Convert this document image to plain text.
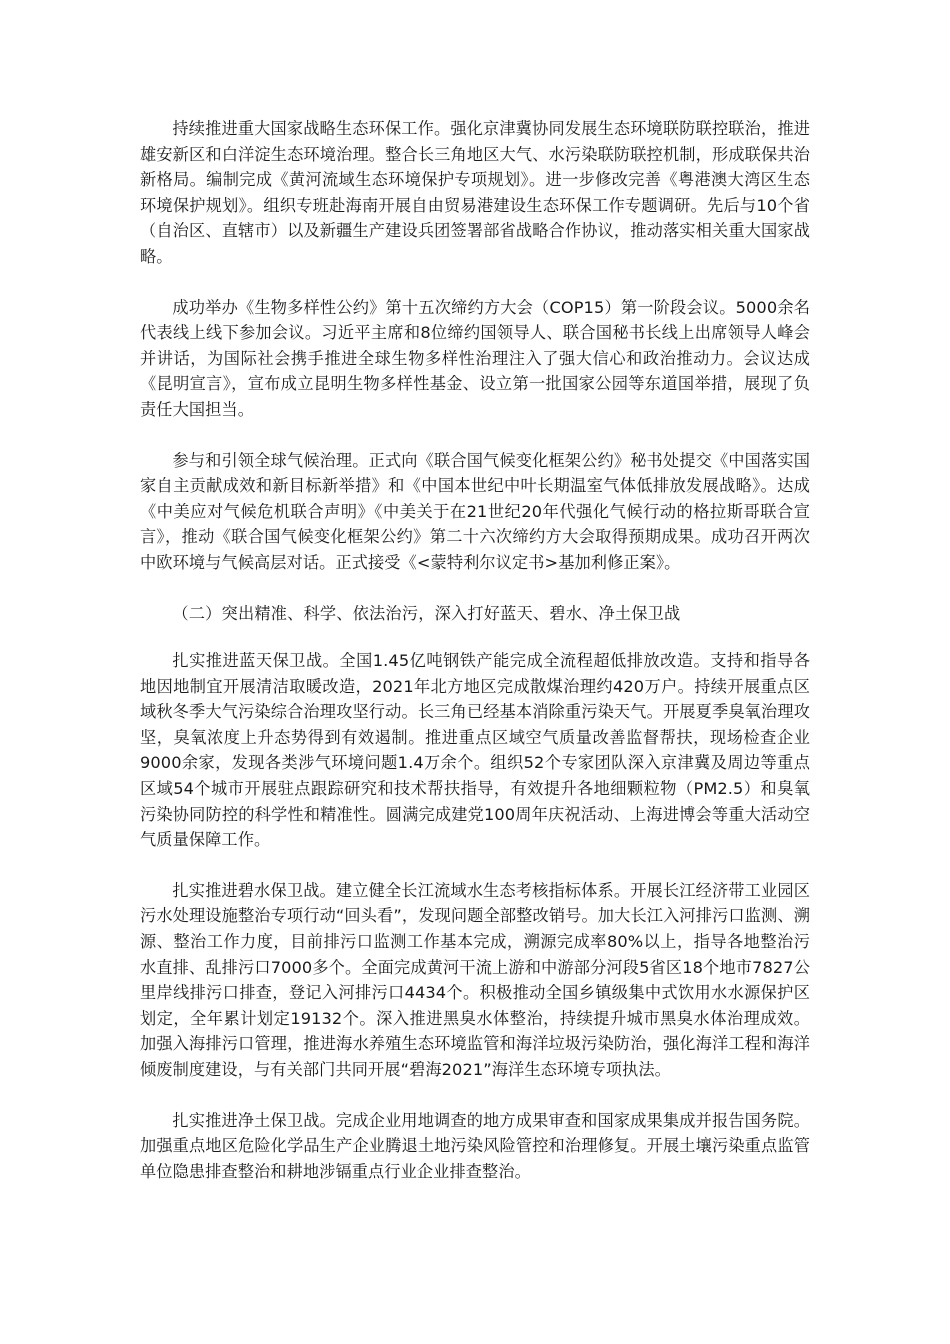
持续推进重大国家战略生态环保工作。强化京津冀协同发展生态环境联防联控联治，推进雄安新区和白洋淀生态环境治理。整合长三角地区大气、水污染联防联控机制，形成联保共治新格局。编制完成《黄河流域生态环境保护专项规划》。进一步修改完善《粤港澳大湾区生态环境保护规划》。组织专班赴海南开展自由贸易港建设生态环保工作专题调研。先后与10个省（自治区、直辖市）以及新疆生产建设兵团签署部省战略合作协议，推动落实相关重大国家战略。

成功举办《生物多样性公约》第十五次缔约方大会（COP15）第一阶段会议。5000余名代表线上线下参加会议。习近平主席和8位缔约国领导人、联合国秘书长线上出席领导人峰会并讲话，为国际社会携手推进全球生物多样性治理注入了强大信心和政治推动力。会议达成《昆明宣言》，宣布成立昆明生物多样性基金、设立第一批国家公园等东道国举措，展现了负责任大国担当。

参与和引领全球气候治理。正式向《联合国气候变化框架公约》秘书处提交《中国落实国家自主贡献成效和新目标新举措》和《中国本世纪中叶长期温室气体低排放发展战略》。达成《中美应对气候危机联合声明》《中美关于在21世纪20年代强化气候行动的格拉斯哥联合宣言》，推动《联合国气候变化框架公约》第二十六次缔约方大会取得预期成果。成功召开两次中欧环境与气候高层对话。正式接受《<蒙特利尔议定书>基加利修正案》。

（二）突出精准、科学、依法治污，深入打好蓝天、碧水、净土保卫战

扎实推进蓝天保卫战。全国1.45亿吨钢铁产能完成全流程超低排放改造。支持和指导各地因地制宜开展清洁取暖改造，2021年北方地区完成散煤治理约420万户。持续开展重点区域秋冬季大气污染综合治理攻坚行动。长三角已经基本消除重污染天气。开展夏季臭氧治理攻坚，臭氧浓度上升态势得到有效遏制。推进重点区域空气质量改善监督帮扶，现场检查企业9000余家，发现各类涉气环境问题1.4万余个。组织52个专家团队深入京津冀及周边等重点区域54个城市开展驻点跟踪研究和技术帮扶指导，有效提升各地细颗粒物（PM2.5）和臭氧污染协同防控的科学性和精准性。圆满完成建党100周年庆祝活动、上海进博会等重大活动空气质量保障工作。

扎实推进碧水保卫战。建立健全长江流域水生态考核指标体系。开展长江经济带工业园区污水处理设施整治专项行动“回头看”，发现问题全部整改销号。加大长江入河排污口监测、溯源、整治工作力度，目前排污口监测工作基本完成，溯源完成率80%以上，指导各地整治污水直排、乱排污口7000多个。全面完成黄河干流上游和中游部分河段5省区18个地市7827公里岸线排污口排查，登记入河排污口4434个。积极推动全国乡镇级集中式饮用水水源保护区划定，全年累计划定19132个。深入推进黑臭水体整治，持续提升城市黑臭水体治理成效。加强入海排污口管理，推进海水养殖生态环境监管和海洋垃圾污染防治，强化海洋工程和海洋倾废制度建设，与有关部门共同开展“碧海2021”海洋生态环境专项执法。

扎实推进净土保卫战。完成企业用地调查的地方成果审查和国家成果集成并报告国务院。加强重点地区危险化学品生产企业腾退土地污染风险管控和治理修复。开展土壤污染重点监管单位隐患排查整治和耕地涉镉重点行业企业排查整治。
